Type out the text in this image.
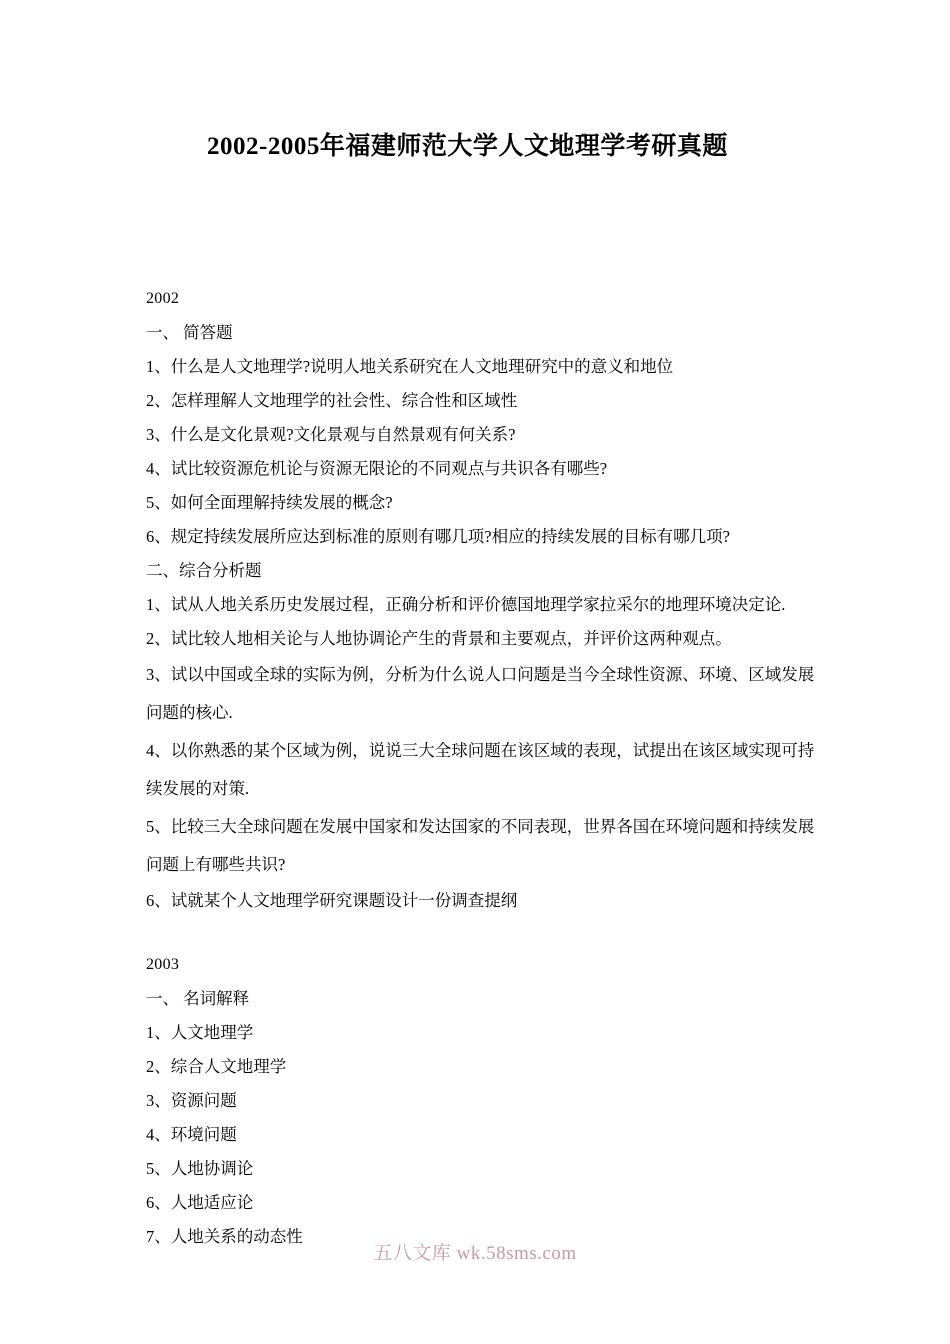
2002-2005年福建师范大学人文地理学考研真题
2002
一、 简答题
1、什么是人文地理学?说明人地关系研究在人文地理研究中的意义和地位
2、怎样理解人文地理学的社会性、综合性和区域性
3、什么是文化景观?文化景观与自然景观有何关系?
4、试比较资源危机论与资源无限论的不同观点与共识各有哪些?
5、如何全面理解持续发展的概念?
6、规定持续发展所应达到标准的原则有哪几项?相应的持续发展的目标有哪几项?
二、综合分析题
1、试从人地关系历史发展过程，正确分析和评价德国地理学家拉采尔的地理环境决定论.
2、试比较人地相关论与人地协调论产生的背景和主要观点，并评价这两种观点。
3、试以中国或全球的实际为例，分析为什么说人口问题是当今全球性资源、环境、区域发展问题的核心.
4、以你熟悉的某个区域为例，说说三大全球问题在该区域的表现，试提出在该区域实现可持续发展的对策.
5、比较三大全球问题在发展中国家和发达国家的不同表现，世界各国在环境问题和持续发展 问题上有哪些共识?
6、试就某个人文地理学研究课题设计一份调查提纲
2003
一、 名词解释
1、人文地理学
2、综合人文地理学
3、资源问题
4、环境问题
5、人地协调论
6、人地适应论
7、人地关系的动态性
五八文库 wk.58sms.com
